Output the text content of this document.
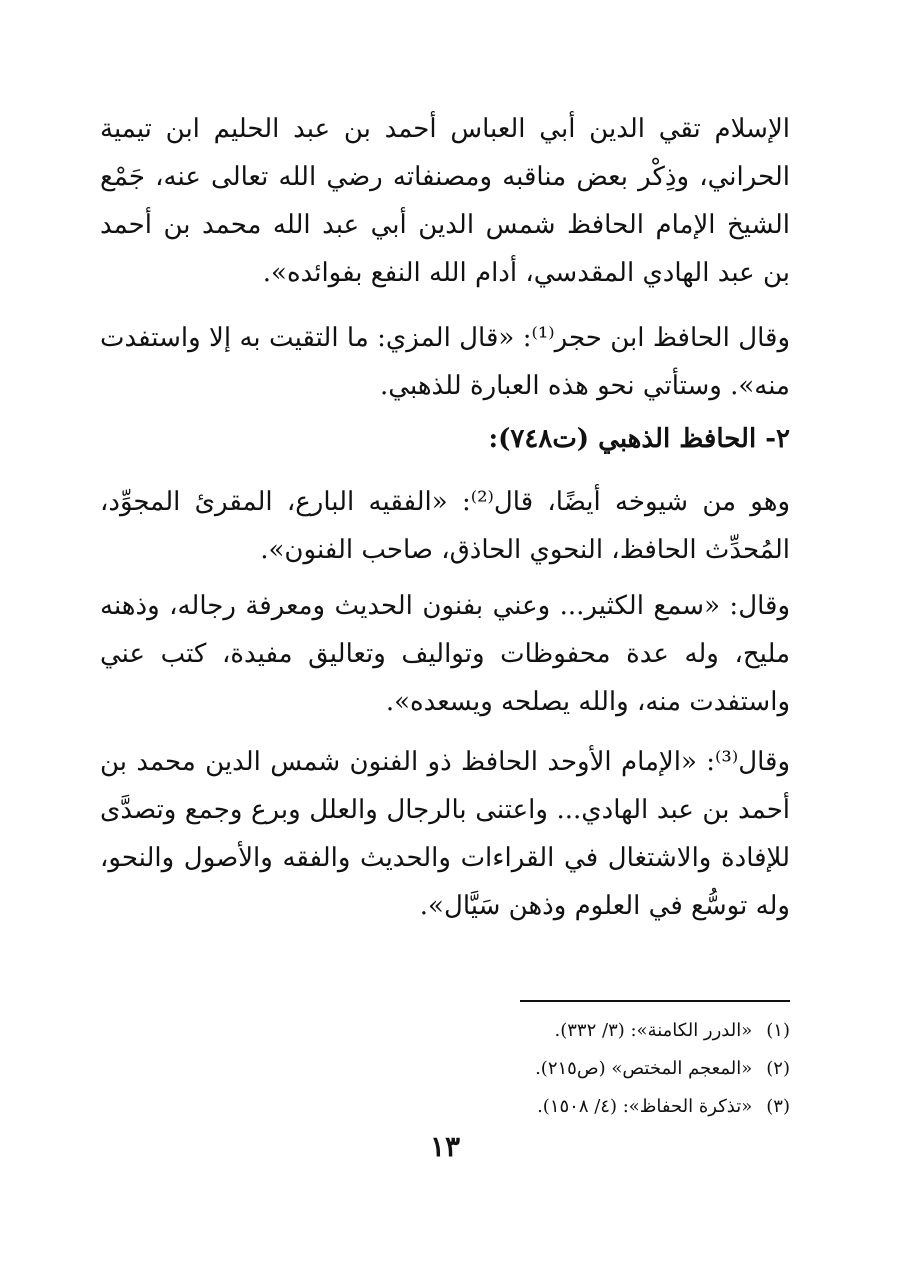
الإسلام تقي الدين أبي العباس أحمد بن عبد الحليم ابن تيمية الحراني، وذِكْر بعض مناقبه ومصنفاته رضي الله تعالى عنه، جَمْع الشيخ الإمام الحافظ شمس الدين أبي عبد الله محمد بن أحمد بن عبد الهادي المقدسي، أدام الله النفع بفوائده».

وقال الحافظ ابن حجر⁽¹⁾: «قال المزي: ما التقيت به إلا واستفدت منه». وستأتي نحو هذه العبارة للذهبي.

٢- الحافظ الذهبي (ت٧٤٨):

وهو من شيوخه أيضًا، قال⁽²⁾: «الفقيه البارع، المقرئ المجوِّد، المُحدِّث الحافظ، النحوي الحاذق، صاحب الفنون».

وقال: «سمع الكثير... وعني بفنون الحديث ومعرفة رجاله، وذهنه مليح، وله عدة محفوظات وتواليف وتعاليق مفيدة، كتب عني واستفدت منه، والله يصلحه ويسعده».

وقال⁽³⁾: «الإمام الأوحد الحافظ ذو الفنون شمس الدين محمد بن أحمد بن عبد الهادي... واعتنى بالرجال والعلل وبرع وجمع وتصدَّى للإفادة والاشتغال في القراءات والحديث والفقه والأصول والنحو، وله توسُّع في العلوم وذهن سَيَّال».

(١)«الدرر الكامنة»: (٣/ ٣٣٢).
(٢)«المعجم المختص» (ص٢١٥).
(٣)«تذكرة الحفاظ»: (٤/ ١٥٠٨).
١٣
